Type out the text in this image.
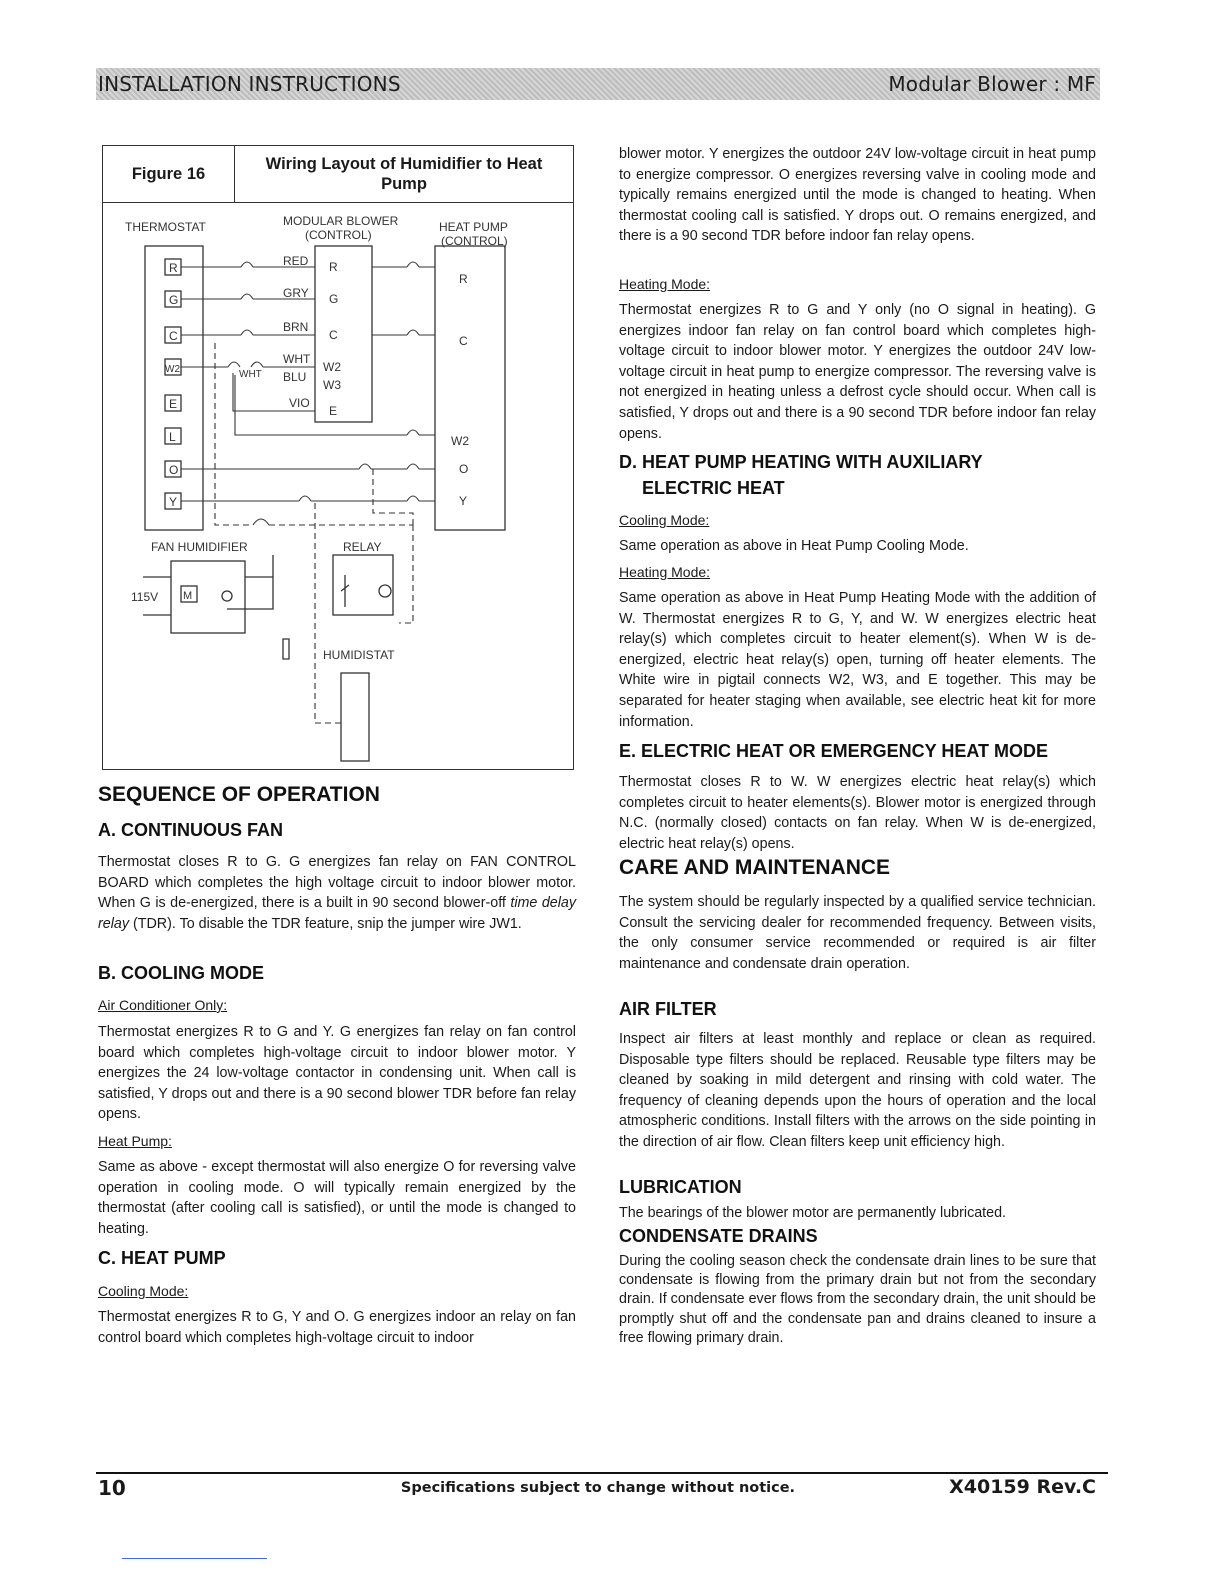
INSTALLATION INSTRUCTIONS	Modular Blower : MF
Figure 16
Wiring Layout of Humidifier to Heat Pump
THERMOSTAT	MODULAR BLOWER
(CONTROL)
HEAT PUMP
(CONTROL)
FAN HUMIDIFIER	RELAY
HUMIDISTAT
115V M
R
G
C
W2
E
L
O
Y
RED
GRY
BRN
WHT
BLU
VIO
WHT
R
G
C
W2
W3
E
R
C
W2
O
Y
SEQUENCE OF OPERATION
A. CONTINUOUS FAN

Thermostat closes R to G. G energizes fan relay on FAN CONTROL BOARD which completes the high voltage circuit to indoor blower motor. When G is de-energized, there is a built in 90 second blower-off time delay relay (TDR). To disable the TDR feature, snip the jumper wire JW1.

B. COOLING MODE
Air Conditioner Only:

Thermostat energizes R to G and Y. G energizes fan relay on fan control board which completes high-voltage circuit to indoor blower motor. Y energizes the 24 low-voltage contactor in condensing unit. When call is satisfied, Y drops out and there is a 90 second blower TDR before fan relay opens.

Heat Pump:

Same as above - except thermostat will also energize O for reversing valve operation in cooling mode. O will typically remain energized by the thermostat (after cooling call is satisfied), or until the mode is changed to heating.

C. HEAT PUMP
Cooling Mode:

Thermostat energizes R to G, Y and O. G energizes indoor an relay on fan control board which completes high-voltage circuit to indoor

blower motor. Y energizes the outdoor 24V low-voltage circuit in heat pump to energize compressor. O energizes reversing valve in cooling mode and typically remains energized until the mode is changed to heating. When thermostat cooling call is satisfied. Y drops out. O remains energized, and there is a 90 second TDR before indoor fan relay opens.

Heating Mode:

Thermostat energizes R to G and Y only (no O signal in heating). G energizes indoor fan relay on fan control board which completes high-voltage circuit to indoor blower motor. Y energizes the outdoor 24V low-voltage circuit in heat pump to energize compressor. The reversing valve is not energized in heating unless a defrost cycle should occur. When call is satisfied, Y drops out and there is a 90 second TDR before indoor fan relay opens.

D. HEAT PUMP HEATING WITH AUXILIARY
ELECTRIC HEAT
Cooling Mode:

Same operation as above in Heat Pump Cooling Mode.

Heating Mode:

Same operation as above in Heat Pump Heating Mode with the addition of W. Thermostat energizes R to G, Y, and W. W energizes electric heat relay(s) which completes circuit to heater element(s). When W is de-energized, electric heat relay(s) open, turning off heater elements. The White wire in pigtail connects W2, W3, and E together. This may be separated for heater staging when available, see electric heat kit for more information.

E. ELECTRIC HEAT OR EMERGENCY HEAT MODE

Thermostat closes R to W. W energizes electric heat relay(s) which completes circuit to heater elements(s). Blower motor is energized through N.C. (normally closed) contacts on fan relay. When W is de-energized, electric heat relay(s) opens.

CARE AND MAINTENANCE

The system should be regularly inspected by a qualified service technician. Consult the servicing dealer for recommended frequency. Between visits, the only consumer service recommended or required is air filter maintenance and condensate drain operation.

AIR FILTER

Inspect air filters at least monthly and replace or clean as required. Disposable type filters should be replaced. Reusable type filters may be cleaned by soaking in mild detergent and rinsing with cold water. The frequency of cleaning depends upon the hours of operation and the local atmospheric conditions. Install filters with the arrows on the side pointing in the direction of air flow. Clean filters keep unit efficiency high.

LUBRICATION

The bearings of the blower motor are permanently lubricated.

CONDENSATE DRAINS

During the cooling season check the condensate drain lines to be sure that condensate is flowing from the primary drain but not from the secondary drain. If condensate ever flows from the secondary drain, the unit should be promptly shut off and the condensate pan and drains cleaned to insure a free flowing primary drain.

10	Specifications subject to change without notice.	X40159 Rev.C
